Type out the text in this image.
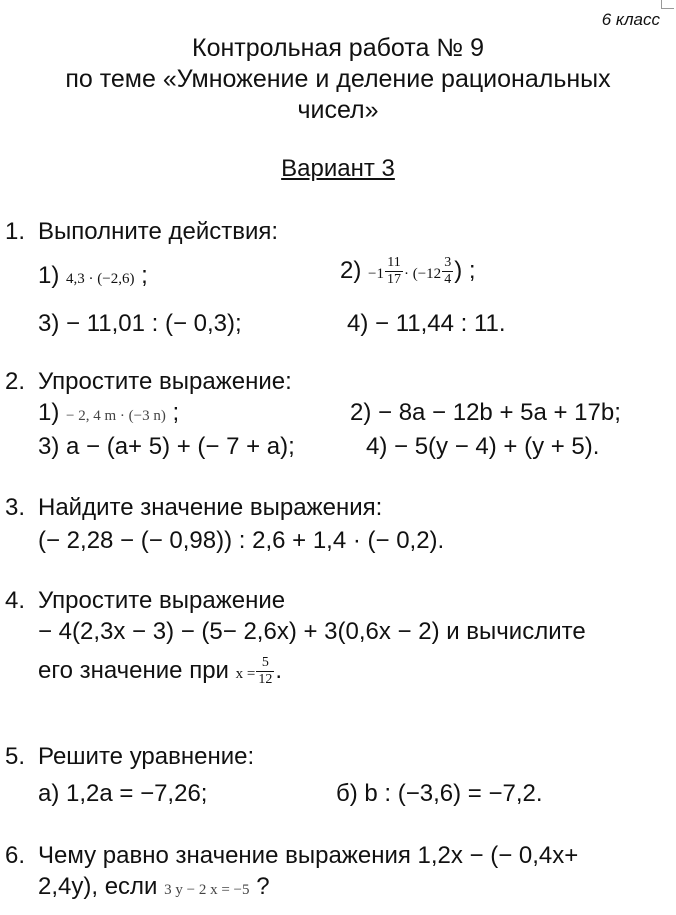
6 класс
Контрольная работа № 9
по теме «Умножение и деление рациональных
чисел»
Вариант 3
1. Выполните действия:
1) 4,3 · (−2,6) ;	$2) -1 \frac{11}{17} \cdot (-12 \frac{3}{4}$ ) ;
3) − 11,01 : (− 0,3);	4) − 11,44 : 11.
2. Упростите выражение:
1) − 2, 4 m · (−3 n) ;	2) − 8a − 12b + 5a + 17b;
3) a − (a+ 5) + (− 7 + a);	4) − 5(y − 4) + (y + 5).
3. Найдите значение выражения:
(− 2,28 − (− 0,98)) : 2,6 + 1,4 · (− 0,2).
4. Упростите выражение
− 4(2,3x − 3) − (5− 2,6x) + 3(0,6x − 2) и вычислите
его значение при $x = \frac{5}{12}$ .
5. Решите уравнение:
а) 1,2a = −7,26;	б) b : (−3,6) = −7,2.
6. Чему равно значение выражения 1,2x − (− 0,4x+
2,4y), если 3 y − 2 x = −5 ?
